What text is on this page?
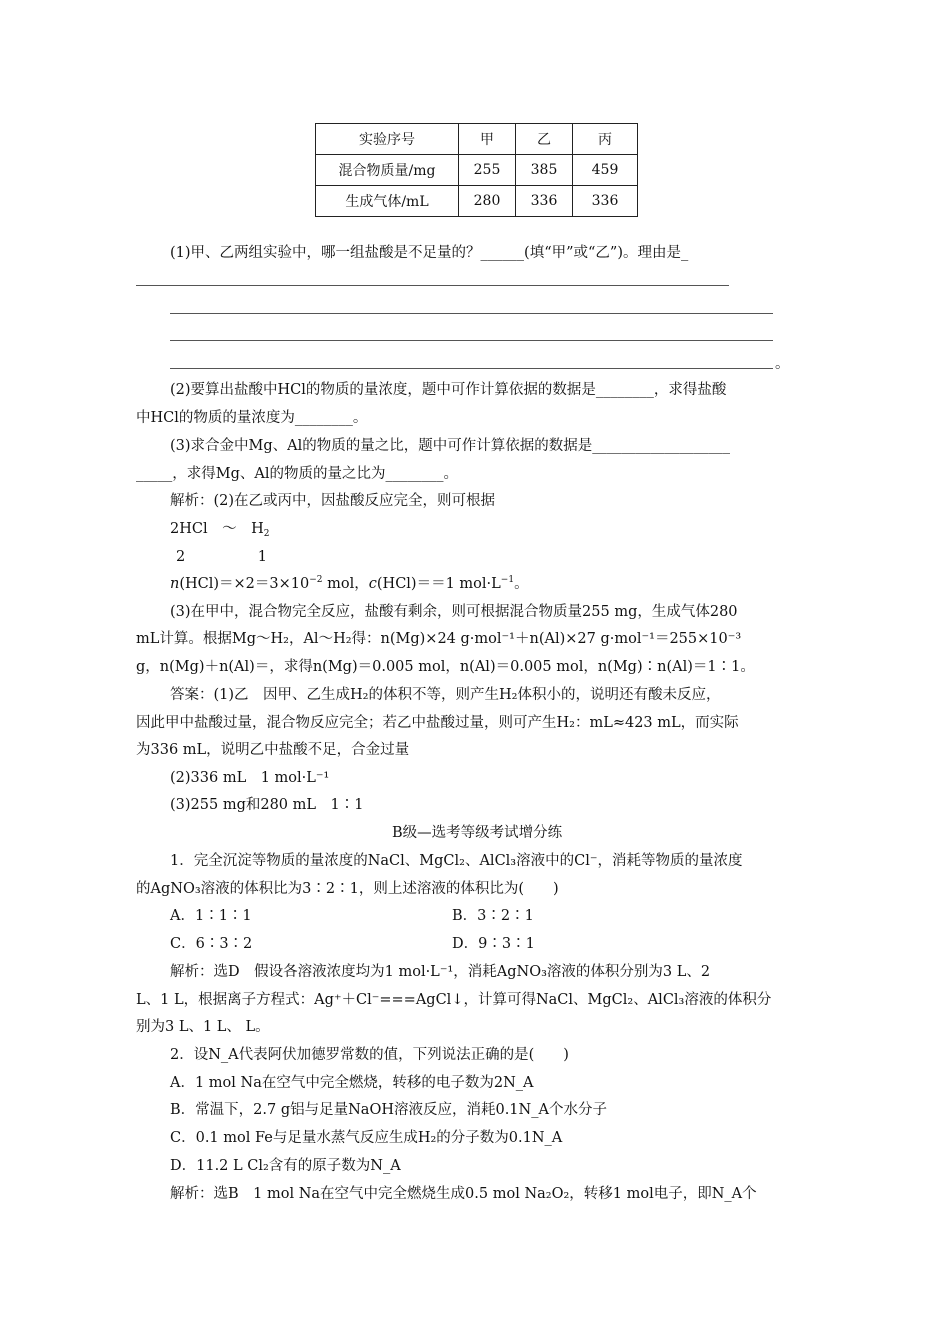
实验序号	甲	乙	丙
混合物质量/mg	255	385	459
生成气体/mL	280	336	336
(1)甲、乙两组实验中，哪一组盐酸是不足量的？______(填“甲”或“乙”)。理由是_
。
(2)要算出盐酸中HCl的物质的量浓度，题中可作计算依据的数据是________，求得盐酸
中HCl的物质的量浓度为________。
(3)求合金中Mg、Al的物质的量之比，题中可作计算依据的数据是___________________
_____，求得Mg、Al的物质的量之比为________。
解析：(2)在乙或丙中，因盐酸反应完全，则可根据
2HCl　～　$H_2$
2　　　　　1
$n(HCl)=\times 2=3\times 10^{-2}$ mol，c(HCl)＝＝1 $mol\cdot L^{-1}$。
(3)在甲中，混合物完全反应，盐酸有剩余，则可根据混合物质量255 mg，生成气体280
mL计算。根据Mg～H₂，Al～H₂得：n(Mg)×24 g·mol⁻¹＋n(Al)×27 g·mol⁻¹＝255×10⁻³
g，n(Mg)＋n(Al)＝，求得n(Mg)＝0.005 mol，n(Al)＝0.005 mol，n(Mg)∶n(Al)＝1∶1。
答案：(1)乙　因甲、乙生成H₂的体积不等，则产生H₂体积小的，说明还有酸未反应，
因此甲中盐酸过量，混合物反应完全；若乙中盐酸过量，则可产生H₂：mL≈423 mL，而实际
为336 mL，说明乙中盐酸不足，合金过量
(2)336 mL　1 mol·L⁻¹
(3)255 mg和280 mL　1∶1
B级—选考等级考试增分练
1．完全沉淀等物质的量浓度的NaCl、MgCl₂、AlCl₃溶液中的Cl⁻，消耗等物质的量浓度
的AgNO₃溶液的体积比为3∶2∶1，则上述溶液的体积比为(　　)
A．1∶1∶1	B．3∶2∶1
C．6∶3∶2	D．9∶3∶1
解析：选D　假设各溶液浓度均为1 mol·L⁻¹，消耗AgNO₃溶液的体积分别为3 L、2
L、1 L，根据离子方程式：Ag⁺＋Cl⁻===AgCl↓，计算可得NaCl、MgCl₂、AlCl₃溶液的体积分
别为3 L、1 L、 L。
2．设N_A代表阿伏加德罗常数的值，下列说法正确的是(　　)
A．1 mol Na在空气中完全燃烧，转移的电子数为2N_A
B．常温下，2.7 g铝与足量NaOH溶液反应，消耗0.1N_A个水分子
C．0.1 mol Fe与足量水蒸气反应生成H₂的分子数为0.1N_A
D．11.2 L Cl₂含有的原子数为N_A
解析：选B　1 mol Na在空气中完全燃烧生成0.5 mol Na₂O₂，转移1 mol电子，即N_A个
